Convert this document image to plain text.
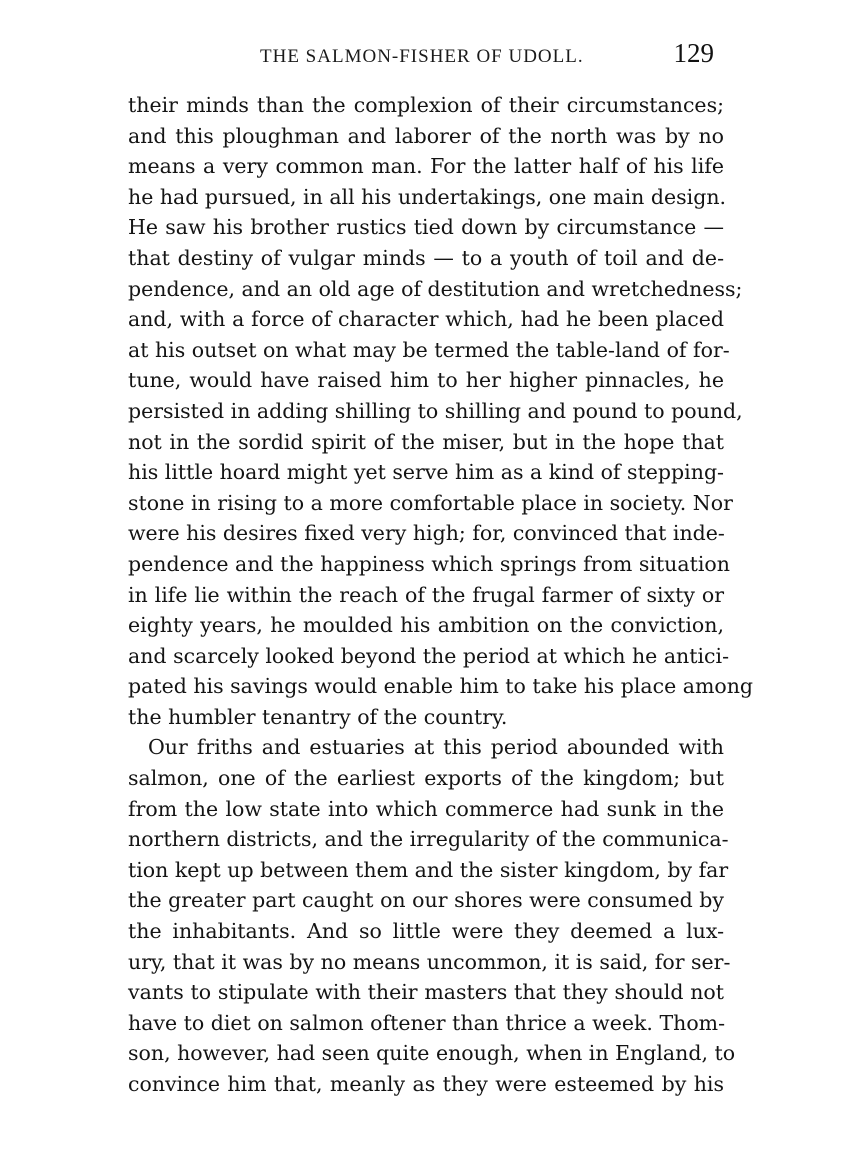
THE SALMON-FISHER OF UDOLL.	129
their minds than the complexion of their circumstances;
and this ploughman and laborer of the north was by no
means a very common man. For the latter half of his life
he had pursued, in all his undertakings, one main design.
He saw his brother rustics tied down by circumstance —
that destiny of vulgar minds — to a youth of toil and de-
pendence, and an old age of destitution and wretchedness;
and, with a force of character which, had he been placed
at his outset on what may be termed the table-land of for-
tune, would have raised him to her higher pinnacles, he
persisted in adding shilling to shilling and pound to pound,
not in the sordid spirit of the miser, but in the hope that
his little hoard might yet serve him as a kind of stepping-
stone in rising to a more comfortable place in society. Nor
were his desires fixed very high; for, convinced that inde-
pendence and the happiness which springs from situation
in life lie within the reach of the frugal farmer of sixty or
eighty years, he moulded his ambition on the conviction,
and scarcely looked beyond the period at which he antici-
pated his savings would enable him to take his place among
the humbler tenantry of the country.
Our friths and estuaries at this period abounded with
salmon, one of the earliest exports of the kingdom; but
from the low state into which commerce had sunk in the
northern districts, and the irregularity of the communica-
tion kept up between them and the sister kingdom, by far
the greater part caught on our shores were consumed by
the inhabitants. And so little were they deemed a lux-
ury, that it was by no means uncommon, it is said, for ser-
vants to stipulate with their masters that they should not
have to diet on salmon oftener than thrice a week. Thom-
son, however, had seen quite enough, when in England, to
convince him that, meanly as they were esteemed by his
